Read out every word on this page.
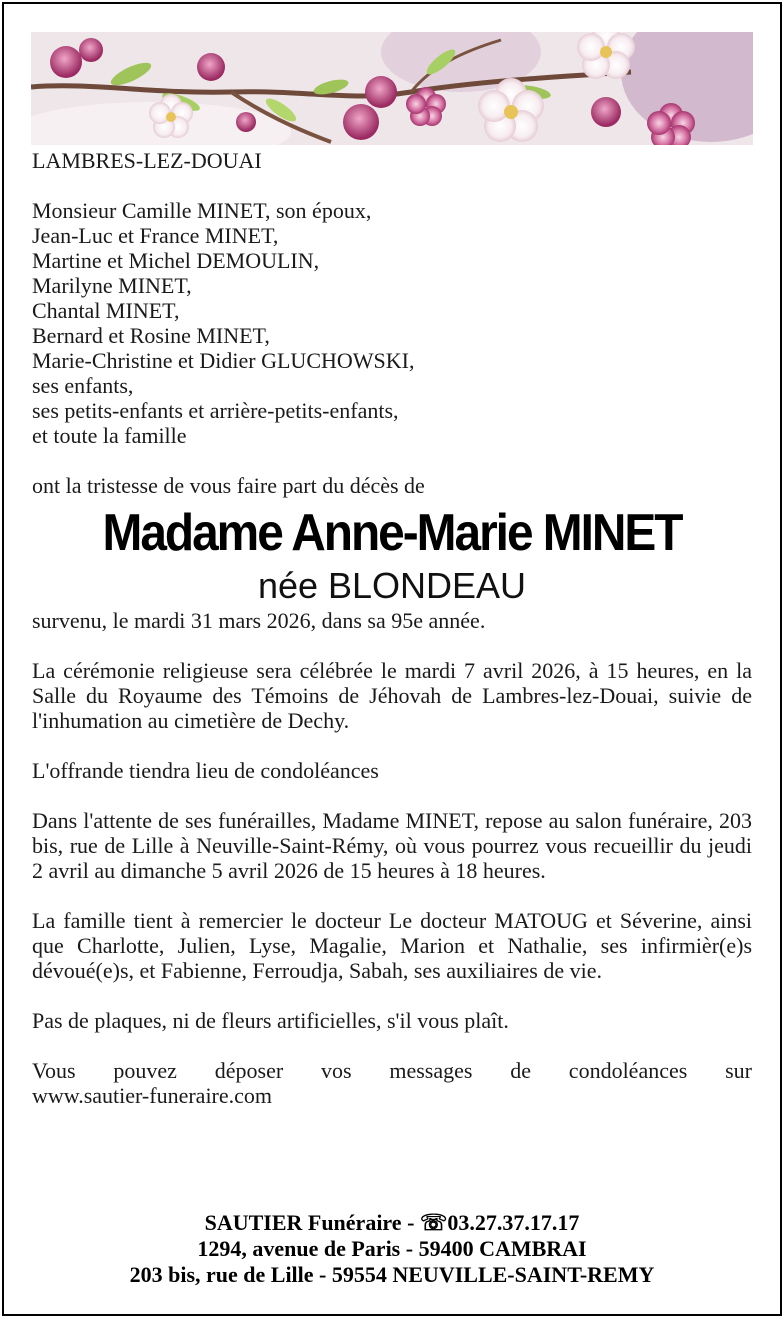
LAMBRES-LEZ-DOUAI

Monsieur Camille MINET, son époux,

Jean-Luc et France MINET,

Martine et Michel DEMOULIN,

Marilyne MINET,

Chantal MINET,

Bernard et Rosine MINET,

Marie-Christine et Didier GLUCHOWSKI,

ses enfants,

ses petits-enfants et arrière-petits-enfants,

et toute la famille

ont la tristesse de vous faire part du décès de

Madame Anne-Marie MINET
née BLONDEAU

survenu, le mardi 31 mars 2026, dans sa 95e année.

La cérémonie religieuse sera célébrée le mardi 7 avril 2026, à 15 heures, en la Salle du Royaume des Témoins de Jéhovah de Lambres-lez-Douai, suivie de l'inhumation au cimetière de Dechy.

L'offrande tiendra lieu de condoléances

Dans l'attente de ses funérailles, Madame MINET, repose au salon funéraire, 203 bis, rue de Lille à Neuville-Saint-Rémy, où vous pourrez vous recueillir du jeudi 2 avril au dimanche 5 avril 2026 de 15 heures à 18 heures.

La famille tient à remercier le docteur Le docteur MATOUG et Séverine, ainsi que Charlotte, Julien, Lyse, Magalie, Marion et Nathalie, ses infirmièr(e)s dévoué(e)s, et Fabienne, Ferroudja, Sabah, ses auxiliaires de vie.

Pas de plaques, ni de fleurs artificielles, s'il vous plaît.

Vous pouvez déposer vos messages de condoléances sur

www.sautier-funeraire.com

SAUTIER Funéraire - ☏03.27.37.17.17
1294, avenue de Paris - 59400 CAMBRAI
203 bis, rue de Lille - 59554 NEUVILLE-SAINT-REMY
